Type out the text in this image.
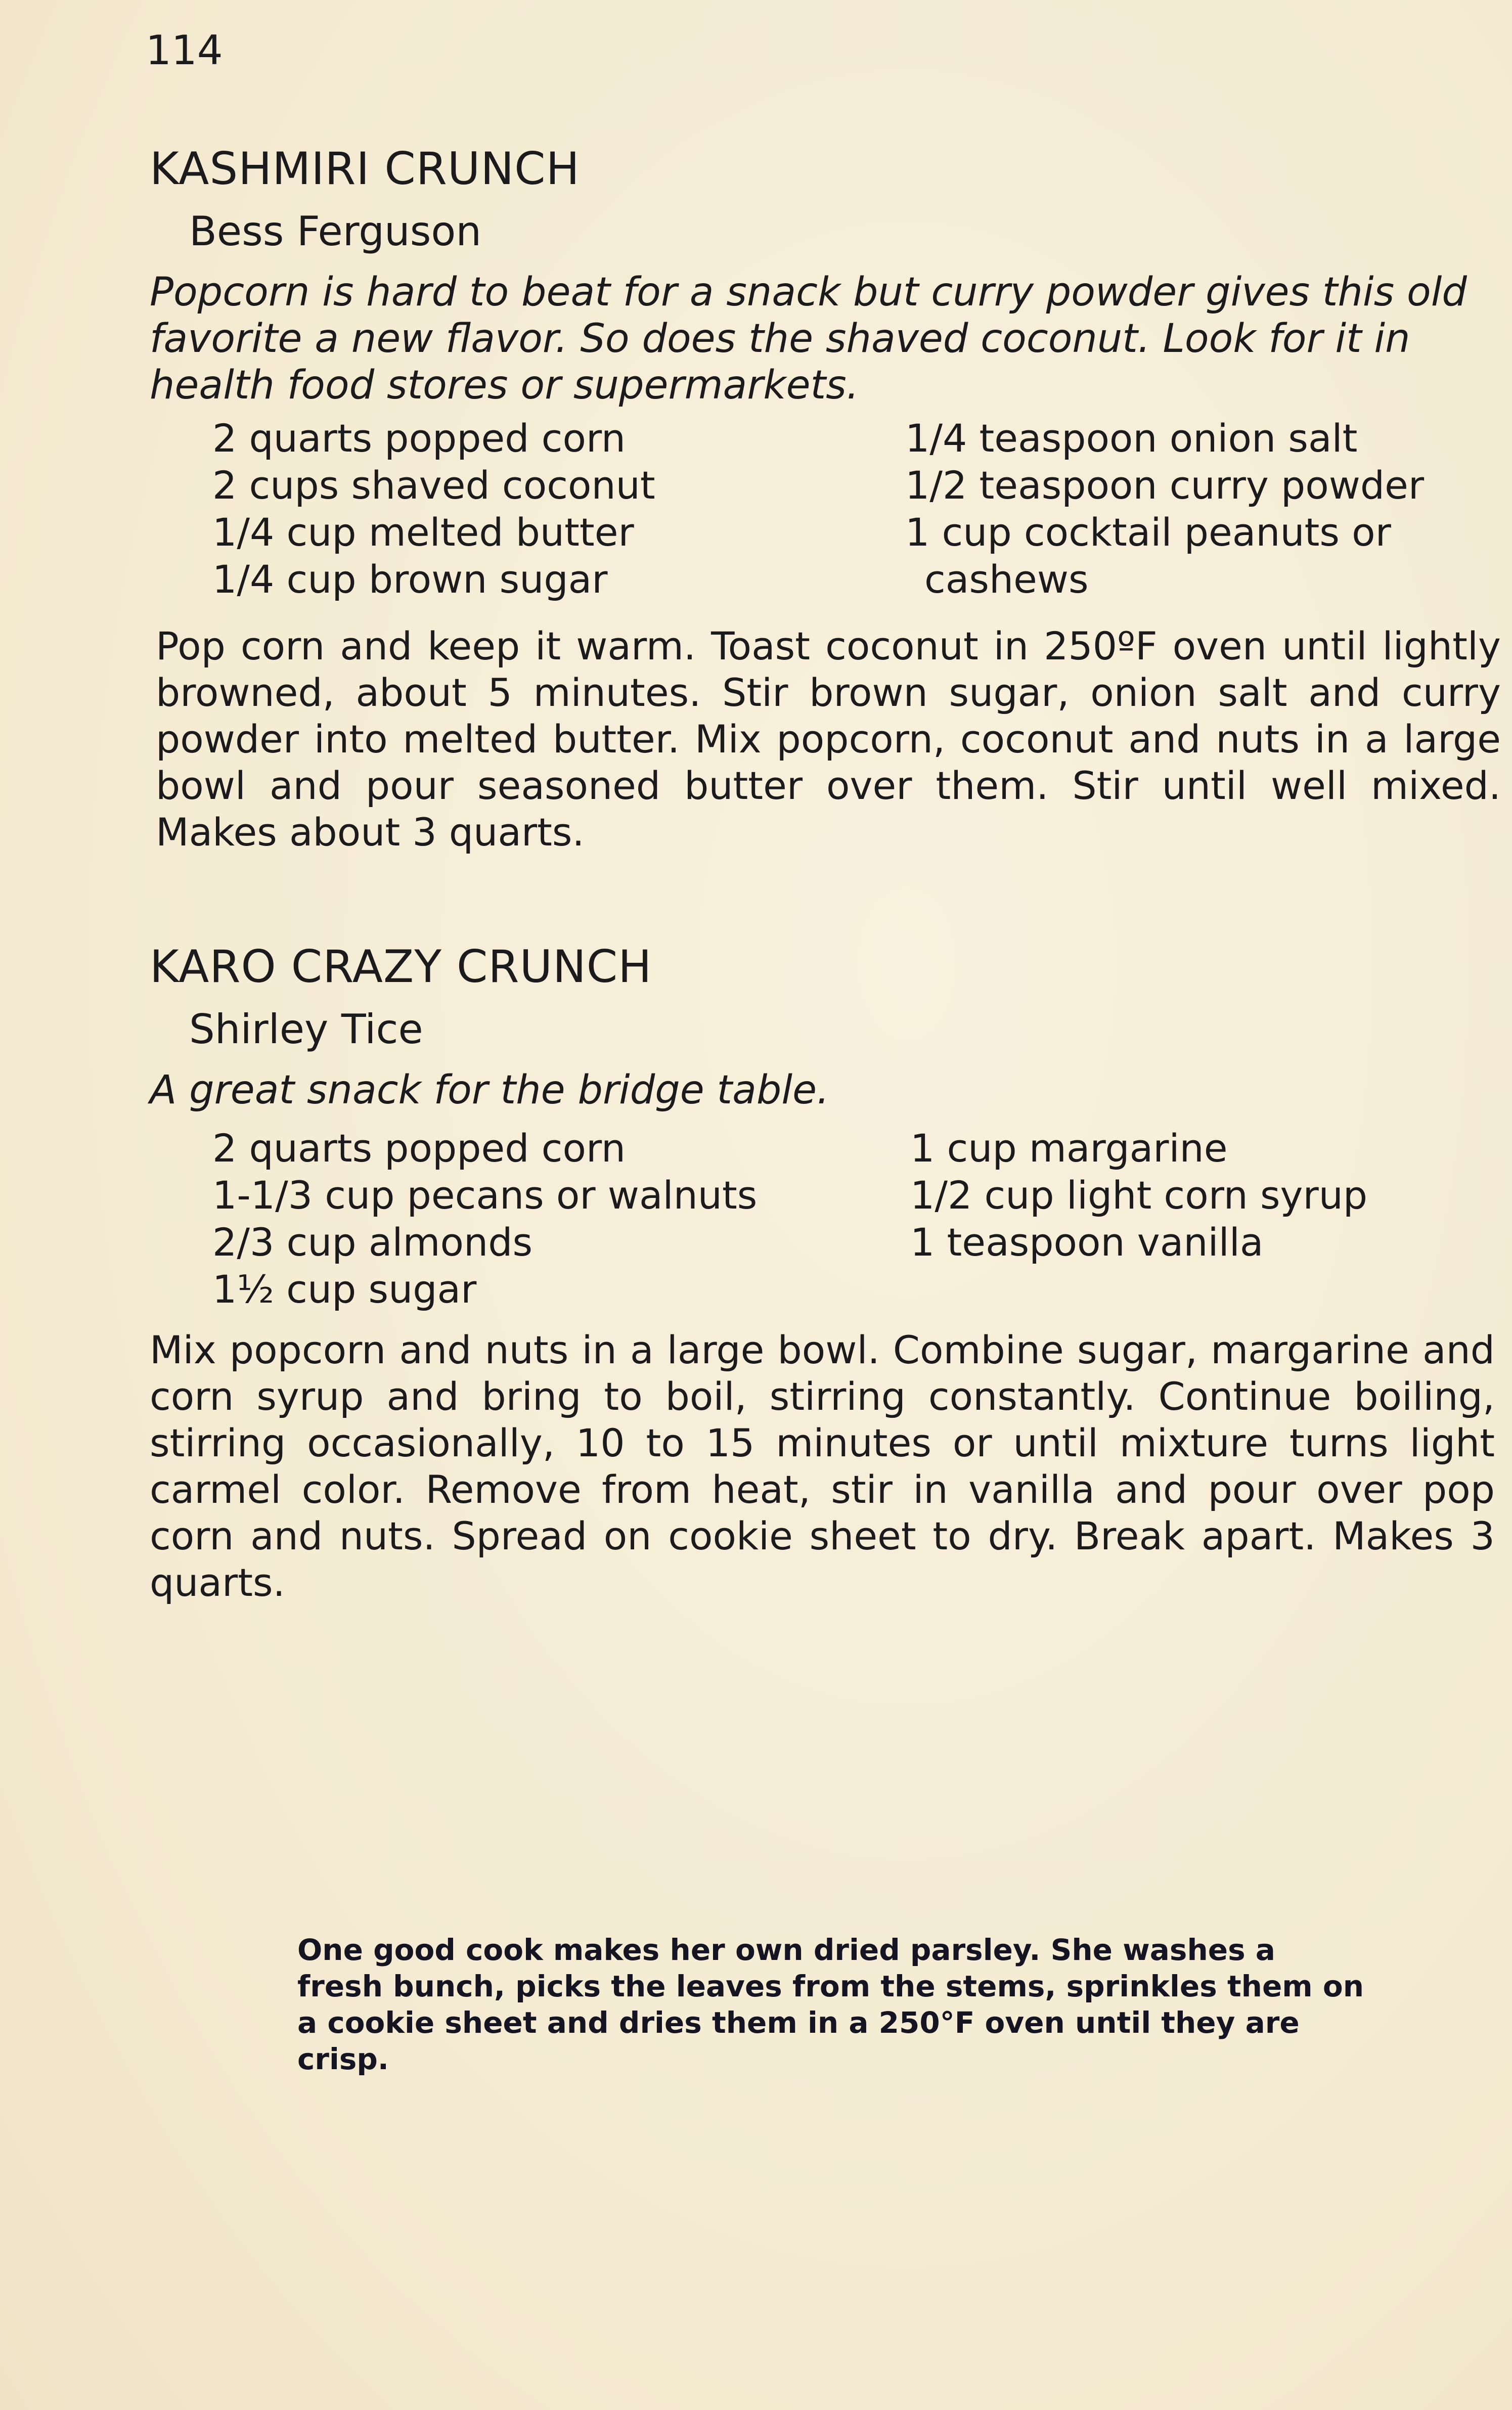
114
KASHMIRI CRUNCH
Bess Ferguson

Popcorn is hard to beat for a snack but curry powder gives this old favorite a new flavor. So does the shaved coconut. Look for it in health food stores or supermarkets.

2 quarts popped corn
2 cups shaved coconut
1/4 cup melted butter
1/4 cup brown sugar
1/4 teaspoon onion salt
1/2 teaspoon curry powder
1 cup cocktail peanuts or
cashews

Pop corn and keep it warm. Toast coconut in 250ºF oven until lightly browned, about 5 minutes. Stir brown sugar, onion salt and curry powder into melted butter. Mix popcorn, coconut and nuts in a large bowl and pour seasoned butter over them. Stir until well mixed. Makes about 3 quarts.

KARO CRAZY CRUNCH
Shirley Tice

A great snack for the bridge table.

2 quarts popped corn
1-1/3 cup pecans or walnuts
2/3 cup almonds
1½ cup sugar
1 cup margarine
1/2 cup light corn syrup
1 teaspoon vanilla

Mix popcorn and nuts in a large bowl. Combine sugar, margarine and corn syrup and bring to boil, stirring constantly. Continue boiling, stirring occasionally, 10 to 15 minutes or until mixture turns light carmel color. Remove from heat, stir in vanilla and pour over pop corn and nuts. Spread on cookie sheet to dry. Break apart. Makes 3 quarts.

One good cook makes her own dried parsley. She washes a fresh bunch, picks the leaves from the stems, sprinkles them on a cookie sheet and dries them in a 250°F oven until they are crisp.
